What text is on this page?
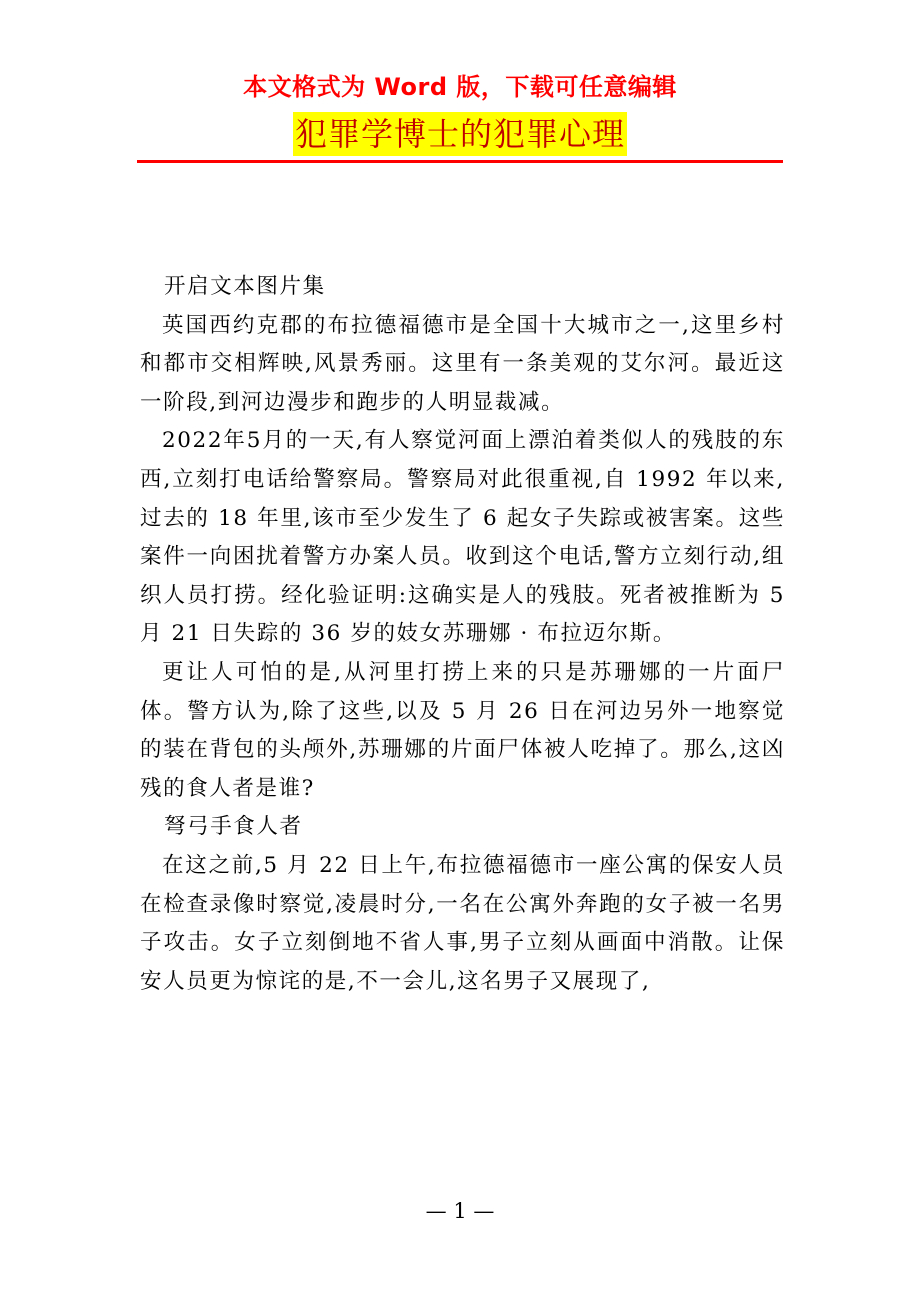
本文格式为 Word 版，下载可任意编辑
犯罪学博士的犯罪心理

开启文本图片集

英国西约克郡的布拉德福德市是全国十大城市之一,这里乡村和都市交相辉映,风景秀丽。这里有一条美观的艾尔河。最近这一阶段,到河边漫步和跑步的人明显裁减。

2022年5月的一天,有人察觉河面上漂泊着类似人的残肢的东西,立刻打电话给警察局。警察局对此很重视,自 1992 年以来,过去的 18 年里,该市至少发生了 6 起女子失踪或被害案。这些案件一向困扰着警方办案人员。收到这个电话,警方立刻行动,组织人员打捞。经化验证明:这确实是人的残肢。死者被推断为 5 月 21 日失踪的 36 岁的妓女苏珊娜 · 布拉迈尔斯。

更让人可怕的是,从河里打捞上来的只是苏珊娜的一片面尸体。警方认为,除了这些,以及 5 月 26 日在河边另外一地察觉的装在背包的头颅外,苏珊娜的片面尸体被人吃掉了。那么,这凶残的食人者是谁?

弩弓手食人者

在这之前,5 月 22 日上午,布拉德福德市一座公寓的保安人员在检查录像时察觉,凌晨时分,一名在公寓外奔跑的女子被一名男子攻击。女子立刻倒地不省人事,男子立刻从画面中消散。让保安人员更为惊诧的是,不一会儿,这名男子又展现了,

— 1 —
